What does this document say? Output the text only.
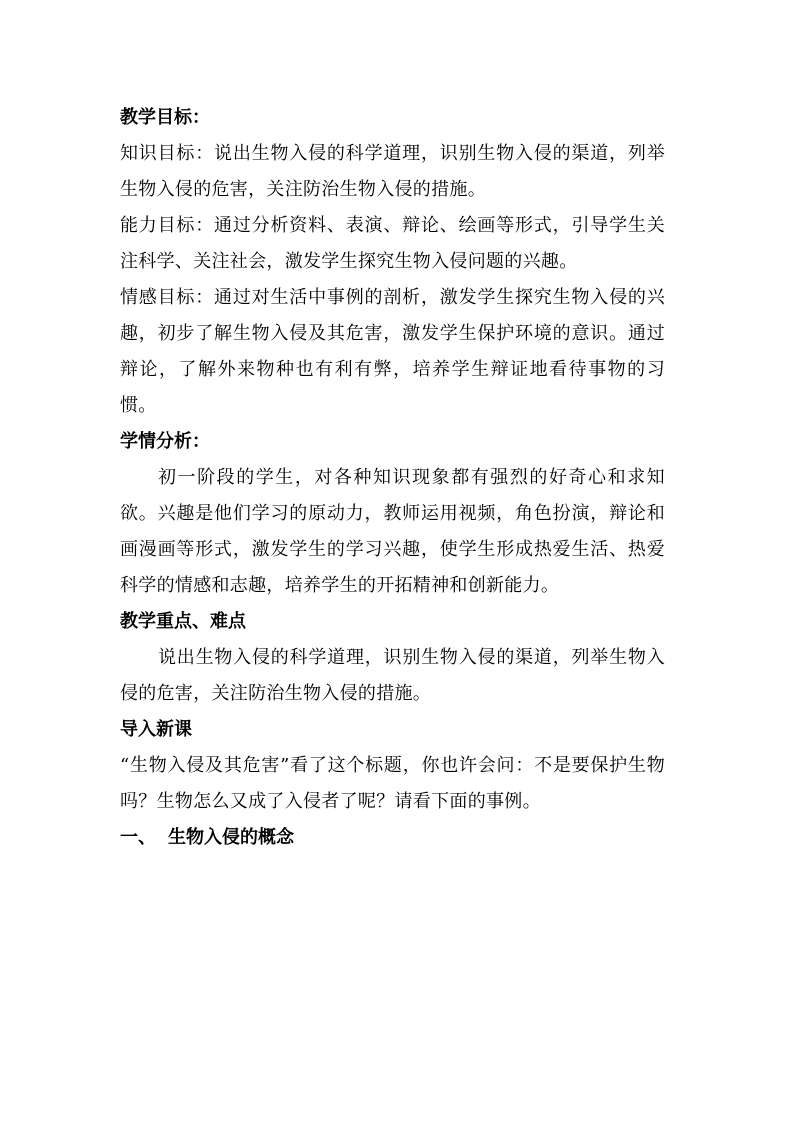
教学目标：

知识目标：说出生物入侵的科学道理，识别生物入侵的渠道，列举生物入侵的危害，关注防治生物入侵的措施。

能力目标：通过分析资料、表演、辩论、绘画等形式，引导学生关注科学、关注社会，激发学生探究生物入侵问题的兴趣。

情感目标：通过对生活中事例的剖析，激发学生探究生物入侵的兴趣，初步了解生物入侵及其危害，激发学生保护环境的意识。通过辩论，了解外来物种也有利有弊，培养学生辩证地看待事物的习惯。

学情分析：

初一阶段的学生，对各种知识现象都有强烈的好奇心和求知欲。兴趣是他们学习的原动力，教师运用视频，角色扮演，辩论和画漫画等形式，激发学生的学习兴趣，使学生形成热爱生活、热爱科学的情感和志趣，培养学生的开拓精神和创新能力。

教学重点、难点

说出生物入侵的科学道理，识别生物入侵的渠道，列举生物入侵的危害，关注防治生物入侵的措施。

导入新课

“生物入侵及其危害”看了这个标题，你也许会问：不是要保护生物吗？生物怎么又成了入侵者了呢？请看下面的事例。

一、 生物入侵的概念
